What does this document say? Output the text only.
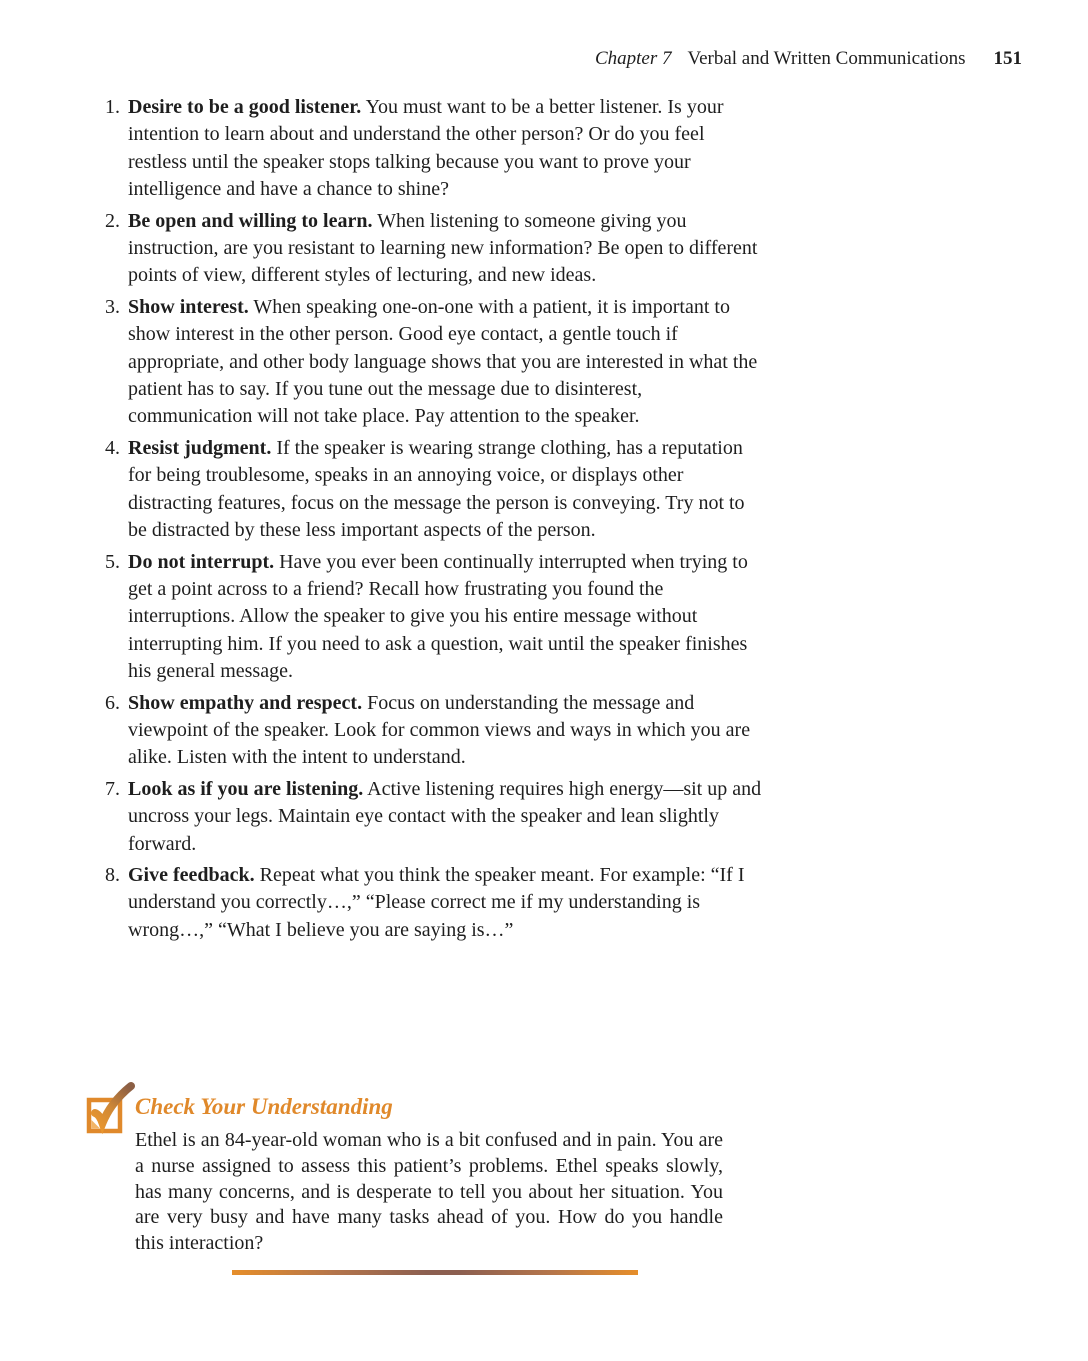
Chapter 7 Verbal and Written Communications 151
1. Desire to be a good listener. You must want to be a better listener. Is your intention to learn about and understand the other person? Or do you feel restless until the speaker stops talking because you want to prove your intelligence and have a chance to shine?

2. Be open and willing to learn. When listening to someone giving you instruction, are you resistant to learning new information? Be open to different points of view, different styles of lecturing, and new ideas.

3. Show interest. When speaking one-on-one with a patient, it is important to show interest in the other person. Good eye contact, a gentle touch if appropriate, and other body language shows that you are interested in what the patient has to say. If you tune out the message due to disinterest, communication will not take place. Pay attention to the speaker.

4. Resist judgment. If the speaker is wearing strange clothing, has a reputation for being troublesome, speaks in an annoying voice, or displays other distracting features, focus on the message the person is conveying. Try not to be distracted by these less important aspects of the person.

5. Do not interrupt. Have you ever been continually interrupted when trying to get a point across to a friend? Recall how frustrating you found the interruptions. Allow the speaker to give you his entire message without interrupting him. If you need to ask a question, wait until the speaker finishes his general message.

6. Show empathy and respect. Focus on understanding the message and viewpoint of the speaker. Look for common views and ways in which you are alike. Listen with the intent to understand.

7. Look as if you are listening. Active listening requires high energy—sit up and uncross your legs. Maintain eye contact with the speaker and lean slightly forward.

8. Give feedback. Repeat what you think the speaker meant. For example: “If I understand you correctly…,” “Please correct me if my understanding is wrong…,” “What I believe you are saying is…”

Check Your Understanding

Ethel is an 84-year-old woman who is a bit confused and in pain. You are a nurse assigned to assess this patient’s problems. Ethel speaks slowly, has many concerns, and is desperate to tell you about her situation. You are very busy and have many tasks ahead of you. How do you handle this interaction?
